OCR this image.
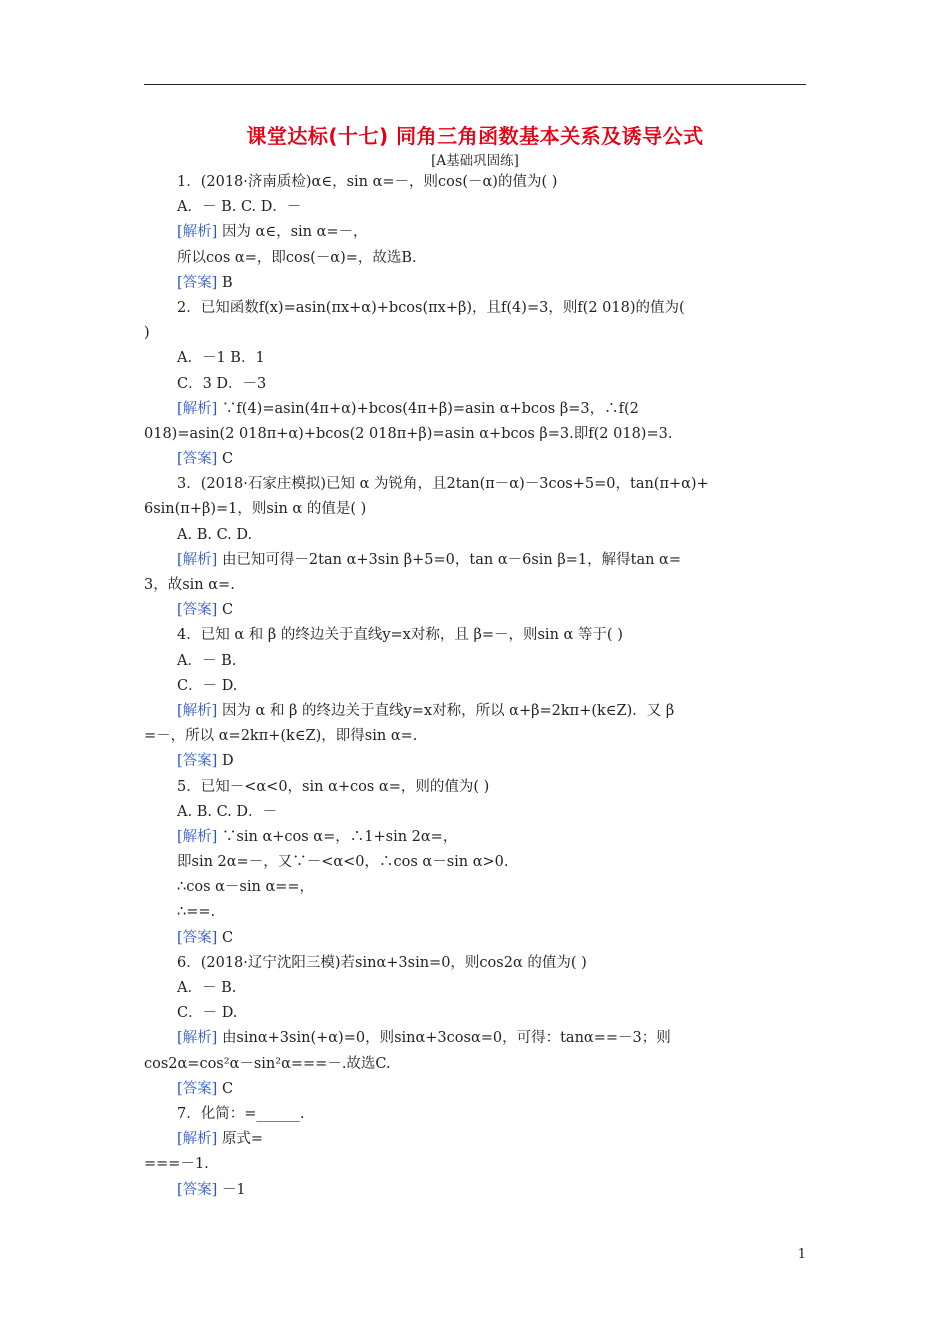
课堂达标(十七) 同角三角函数基本关系及诱导公式
[A基础巩固练]
1．(2018·济南质检)α∈，sin α=－，则cos(－α)的值为( )
A．－ B. C. D．－
[解析] 因为 α∈，sin α=－，
所以cos α=，即cos(－α)=，故选B.
[答案] B
2．已知函数f(x)=asin(πx+α)+bcos(πx+β)，且f(4)=3，则f(2 018)的值为(
)
A．－1 B．1
C．3 D．－3
[解析] ∵f(4)=asin(4π+α)+bcos(4π+β)=asin α+bcos β=3，∴f(2
018)=asin(2 018π+α)+bcos(2 018π+β)=asin α+bcos β=3.即f(2 018)=3.
[答案] C
3．(2018·石家庄模拟)已知 α 为锐角，且2tan(π－α)－3cos+5=0，tan(π+α)+
6sin(π+β)=1，则sin α 的值是( )
A. B. C. D.
[解析] 由已知可得－2tan α+3sin β+5=0，tan α－6sin β=1，解得tan α=
3，故sin α=.
[答案] C
4．已知 α 和 β 的终边关于直线y=x对称，且 β=－，则sin α 等于( )
A．－ B.
C．－ D.
[解析] 因为 α 和 β 的终边关于直线y=x对称，所以 α+β=2kπ+(k∈Z)．又 β
=－，所以 α=2kπ+(k∈Z)，即得sin α=.
[答案] D
5．已知－<α<0，sin α+cos α=，则的值为( )
A. B. C. D．－
[解析] ∵sin α+cos α=，∴1+sin 2α=，
即sin 2α=－，又∵－<α<0，∴cos α－sin α>0.
∴cos α－sin α==，
∴==.
[答案] C
6．(2018·辽宁沈阳三模)若sinα+3sin=0，则cos2α 的值为( )
A．－ B.
C．－ D.
[解析] 由sinα+3sin(+α)=0，则sinα+3cosα=0，可得：tanα==－3；则
cos2α=cos²α－sin²α===－.故选C.
[答案] C
7．化简：=______.
[解析] 原式=
===－1.
[答案] －1
1
